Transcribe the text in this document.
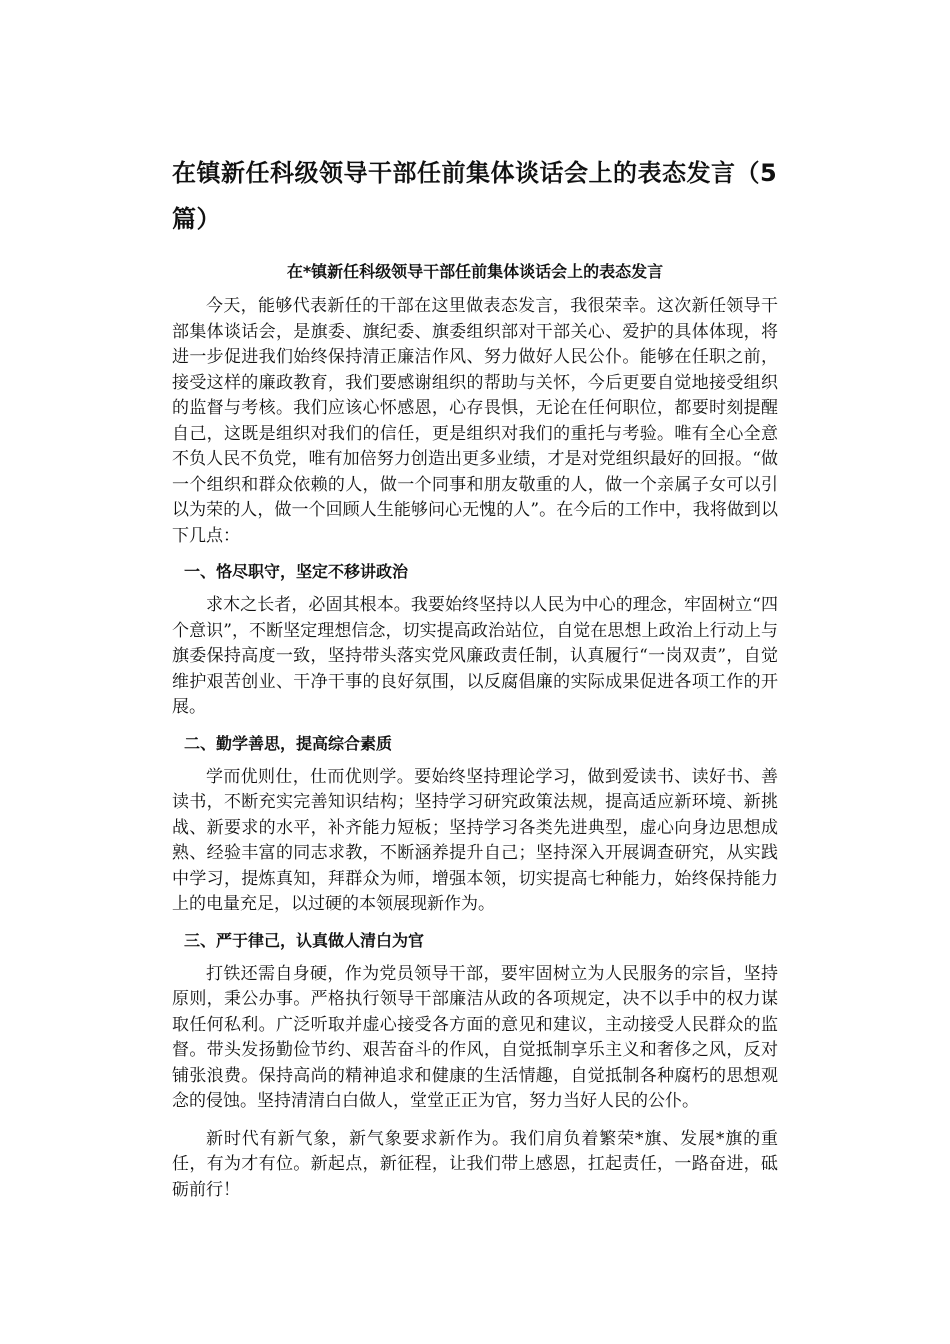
在镇新任科级领导干部任前集体谈话会上的表态发言（5篇）
在*镇新任科级领导干部任前集体谈话会上的表态发言

今天，能够代表新任的干部在这里做表态发言，我很荣幸。这次新任领导干部集体谈话会，是旗委、旗纪委、旗委组织部对干部关心、爱护的具体体现，将进一步促进我们始终保持清正廉洁作风、努力做好人民公仆。能够在任职之前，接受这样的廉政教育，我们要感谢组织的帮助与关怀，今后更要自觉地接受组织的监督与考核。我们应该心怀感恩，心存畏惧，无论在任何职位，都要时刻提醒自己，这既是组织对我们的信任，更是组织对我们的重托与考验。唯有全心全意不负人民不负党，唯有加倍努力创造出更多业绩，才是对党组织最好的回报。“做一个组织和群众依赖的人，做一个同事和朋友敬重的人，做一个亲属子女可以引以为荣的人，做一个回顾人生能够问心无愧的人”。在今后的工作中，我将做到以下几点：

一、恪尽职守，坚定不移讲政治

求木之长者，必固其根本。我要始终坚持以人民为中心的理念，牢固树立“四个意识”，不断坚定理想信念，切实提高政治站位，自觉在思想上政治上行动上与旗委保持高度一致，坚持带头落实党风廉政责任制，认真履行“一岗双责”，自觉维护艰苦创业、干净干事的良好氛围，以反腐倡廉的实际成果促进各项工作的开展。

二、勤学善思，提高综合素质

学而优则仕，仕而优则学。要始终坚持理论学习，做到爱读书、读好书、善读书，不断充实完善知识结构；坚持学习研究政策法规，提高适应新环境、新挑战、新要求的水平，补齐能力短板；坚持学习各类先进典型，虚心向身边思想成熟、经验丰富的同志求教，不断涵养提升自己；坚持深入开展调查研究，从实践中学习，提炼真知，拜群众为师，增强本领，切实提高七种能力，始终保持能力上的电量充足，以过硬的本领展现新作为。

三、严于律己，认真做人清白为官

打铁还需自身硬，作为党员领导干部，要牢固树立为人民服务的宗旨，坚持原则，秉公办事。严格执行领导干部廉洁从政的各项规定，决不以手中的权力谋取任何私利。广泛听取并虚心接受各方面的意见和建议，主动接受人民群众的监督。带头发扬勤俭节约、艰苦奋斗的作风，自觉抵制享乐主义和奢侈之风，反对铺张浪费。保持高尚的精神追求和健康的生活情趣，自觉抵制各种腐朽的思想观念的侵蚀。坚持清清白白做人，堂堂正正为官，努力当好人民的公仆。

新时代有新气象，新气象要求新作为。我们肩负着繁荣*旗、发展*旗的重任，有为才有位。新起点，新征程，让我们带上感恩，扛起责任，一路奋进，砥砺前行！
